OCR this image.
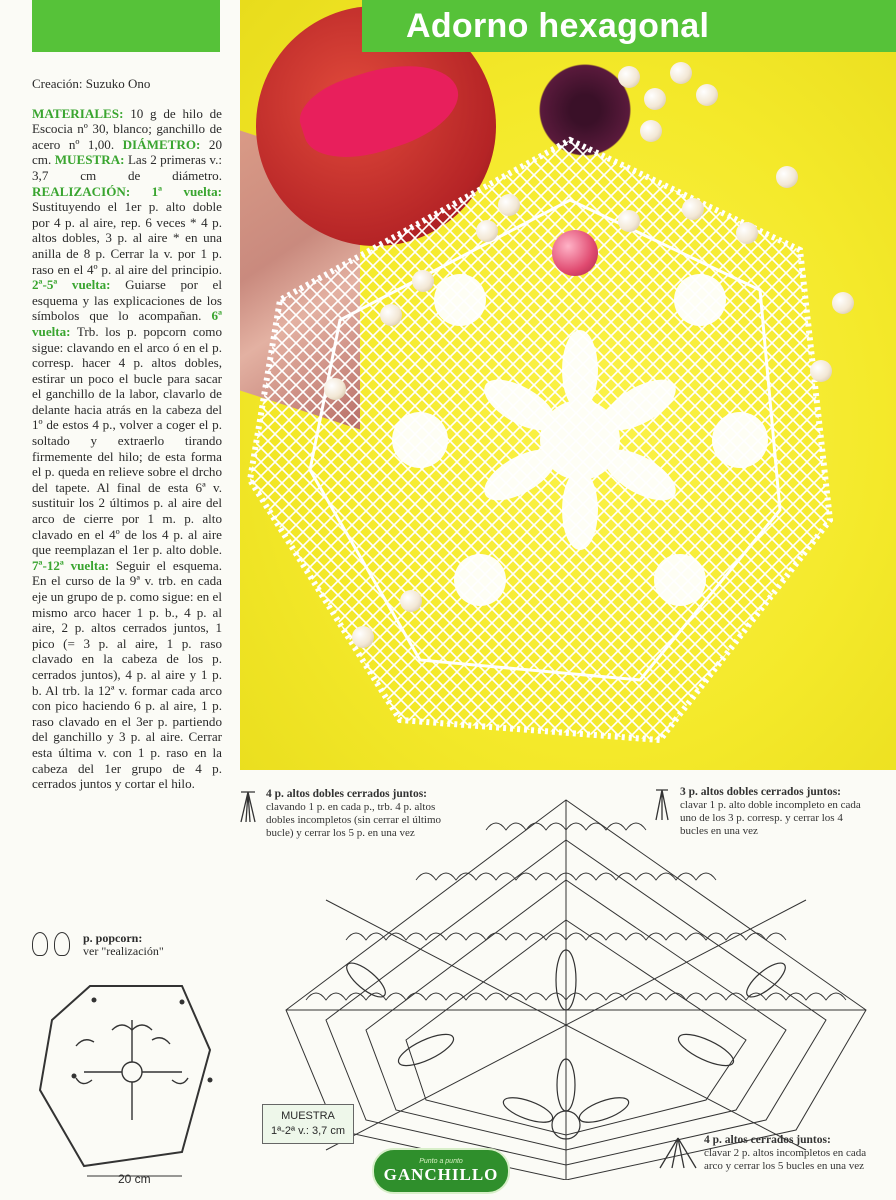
Adorno hexagonal
Creación: Suzuko Ono

MATERIALES: 10 g de hilo de Escocia nº 30, blanco; ganchillo de acero nº 1,00. DIÁMETRO: 20 cm. MUESTRA: Las 2 primeras v.: 3,7 cm de diámetro. REALIZACIÓN: 1ª vuelta: Sustituyendo el 1er p. alto doble por 4 p. al aire, rep. 6 veces * 4 p. altos dobles, 3 p. al aire * en una anilla de 8 p. Cerrar la v. por 1 p. raso en el 4º p. al aire del principio. 2ª-5ª vuelta: Guiarse por el esquema y las explicaciones de los símbolos que lo acompañan. 6ª vuelta: Trb. los p. popcorn como sigue: clavando en el arco ó en el p. corresp. hacer 4 p. altos dobles, estirar un poco el bucle para sacar el ganchillo de la labor, clavarlo de delante hacia atrás en la cabeza del 1º de estos 4 p., volver a coger el p. soltado y extraerlo tirando firmemente del hilo; de esta forma el p. queda en relieve sobre el drcho del tapete. Al final de esta 6ª v. sustituir los 2 últimos p. al aire del arco de cierre por 1 m. p. alto clavado en el 4º de los 4 p. al aire que reemplazan el 1er p. alto doble. 7ª-12ª vuelta: Seguir el esquema. En el curso de la 9ª v. trb. en cada eje un grupo de p. como sigue: en el mismo arco hacer 1 p. b., 4 p. al aire, 2 p. altos cerrados juntos, 1 pico (= 3 p. al aire, 1 p. raso clavado en la cabeza de los p. cerrados juntos), 4 p. al aire y 1 p. b. Al trb. la 12ª v. formar cada arco con pico haciendo 6 p. al aire, 1 p. raso clavado en el 3er p. partiendo del ganchillo y 3 p. al aire. Cerrar esta última v. con 1 p. raso en la cabeza del 1er grupo de 4 p. cerrados juntos y cortar el hilo.

p. popcorn:
ver "realización"
20 cm
4 p. altos dobles cerrados juntos:
clavando 1 p. en cada p., trb. 4 p. altos dobles incompletos (sin cerrar el último bucle) y cerrar los 5 p. en una vez
3 p. altos dobles cerrados juntos:
clavar 1 p. alto doble incompleto en cada uno de los 3 p. corresp. y cerrar los 4 bucles en una vez
4 p. altos cerrados juntos:
clavar 2 p. altos incompletos en cada arco y cerrar los 5 bucles en una vez
MUESTRA
1ª-2ª v.: 3,7 cm
Punto a punto
GANCHILLO
